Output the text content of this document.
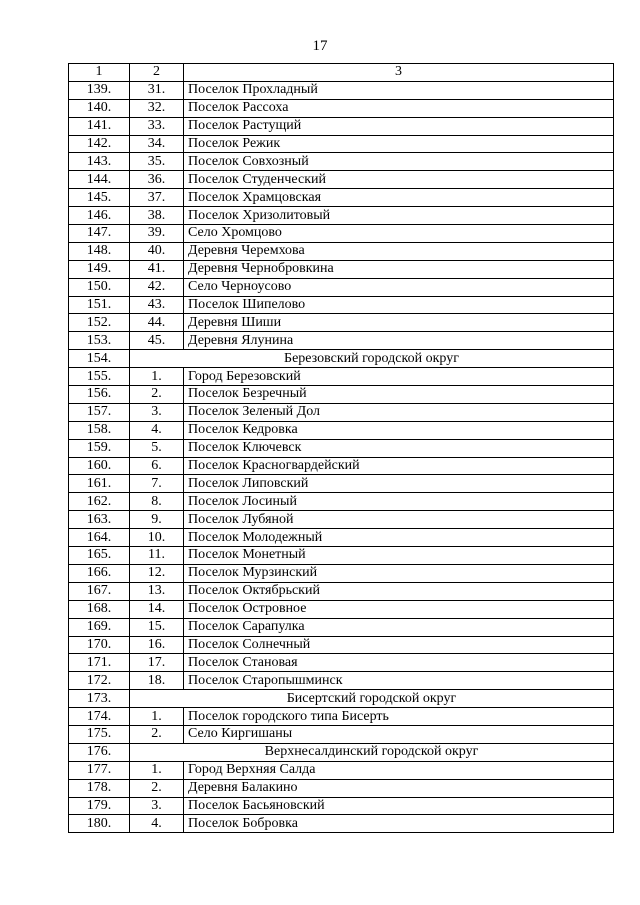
17
1	2	3
139.	31.	Поселок Прохладный
140.	32.	Поселок Рассоха
141.	33.	Поселок Растущий
142.	34.	Поселок Режик
143.	35.	Поселок Совхозный
144.	36.	Поселок Студенческий
145.	37.	Поселок Храмцовская
146.	38.	Поселок Хризолитовый
147.	39.	Село Хромцово
148.	40.	Деревня Черемхова
149.	41.	Деревня Чернобровкина
150.	42.	Село Черноусово
151.	43.	Поселок Шипелово
152.	44.	Деревня Шиши
153.	45.	Деревня Ялунина
154.	Березовский городской округ	
155.	1.	Город Березовский
156.	2.	Поселок Безречный
157.	3.	Поселок Зеленый Дол
158.	4.	Поселок Кедровка
159.	5.	Поселок Ключевск
160.	6.	Поселок Красногвардейский
161.	7.	Поселок Липовский
162.	8.	Поселок Лосиный
163.	9.	Поселок Лубяной
164.	10.	Поселок Молодежный
165.	11.	Поселок Монетный
166.	12.	Поселок Мурзинский
167.	13.	Поселок Октябрьский
168.	14.	Поселок Островное
169.	15.	Поселок Сарапулка
170.	16.	Поселок Солнечный
171.	17.	Поселок Становая
172.	18.	Поселок Старопышминск
173.	Бисертский городской округ	
174.	1.	Поселок городского типа Бисерть
175.	2.	Село Киргишаны
176.	Верхнесалдинский городской округ	
177.	1.	Город Верхняя Салда
178.	2.	Деревня Балакино
179.	3.	Поселок Басьяновский
180.	4.	Поселок Бобровка
